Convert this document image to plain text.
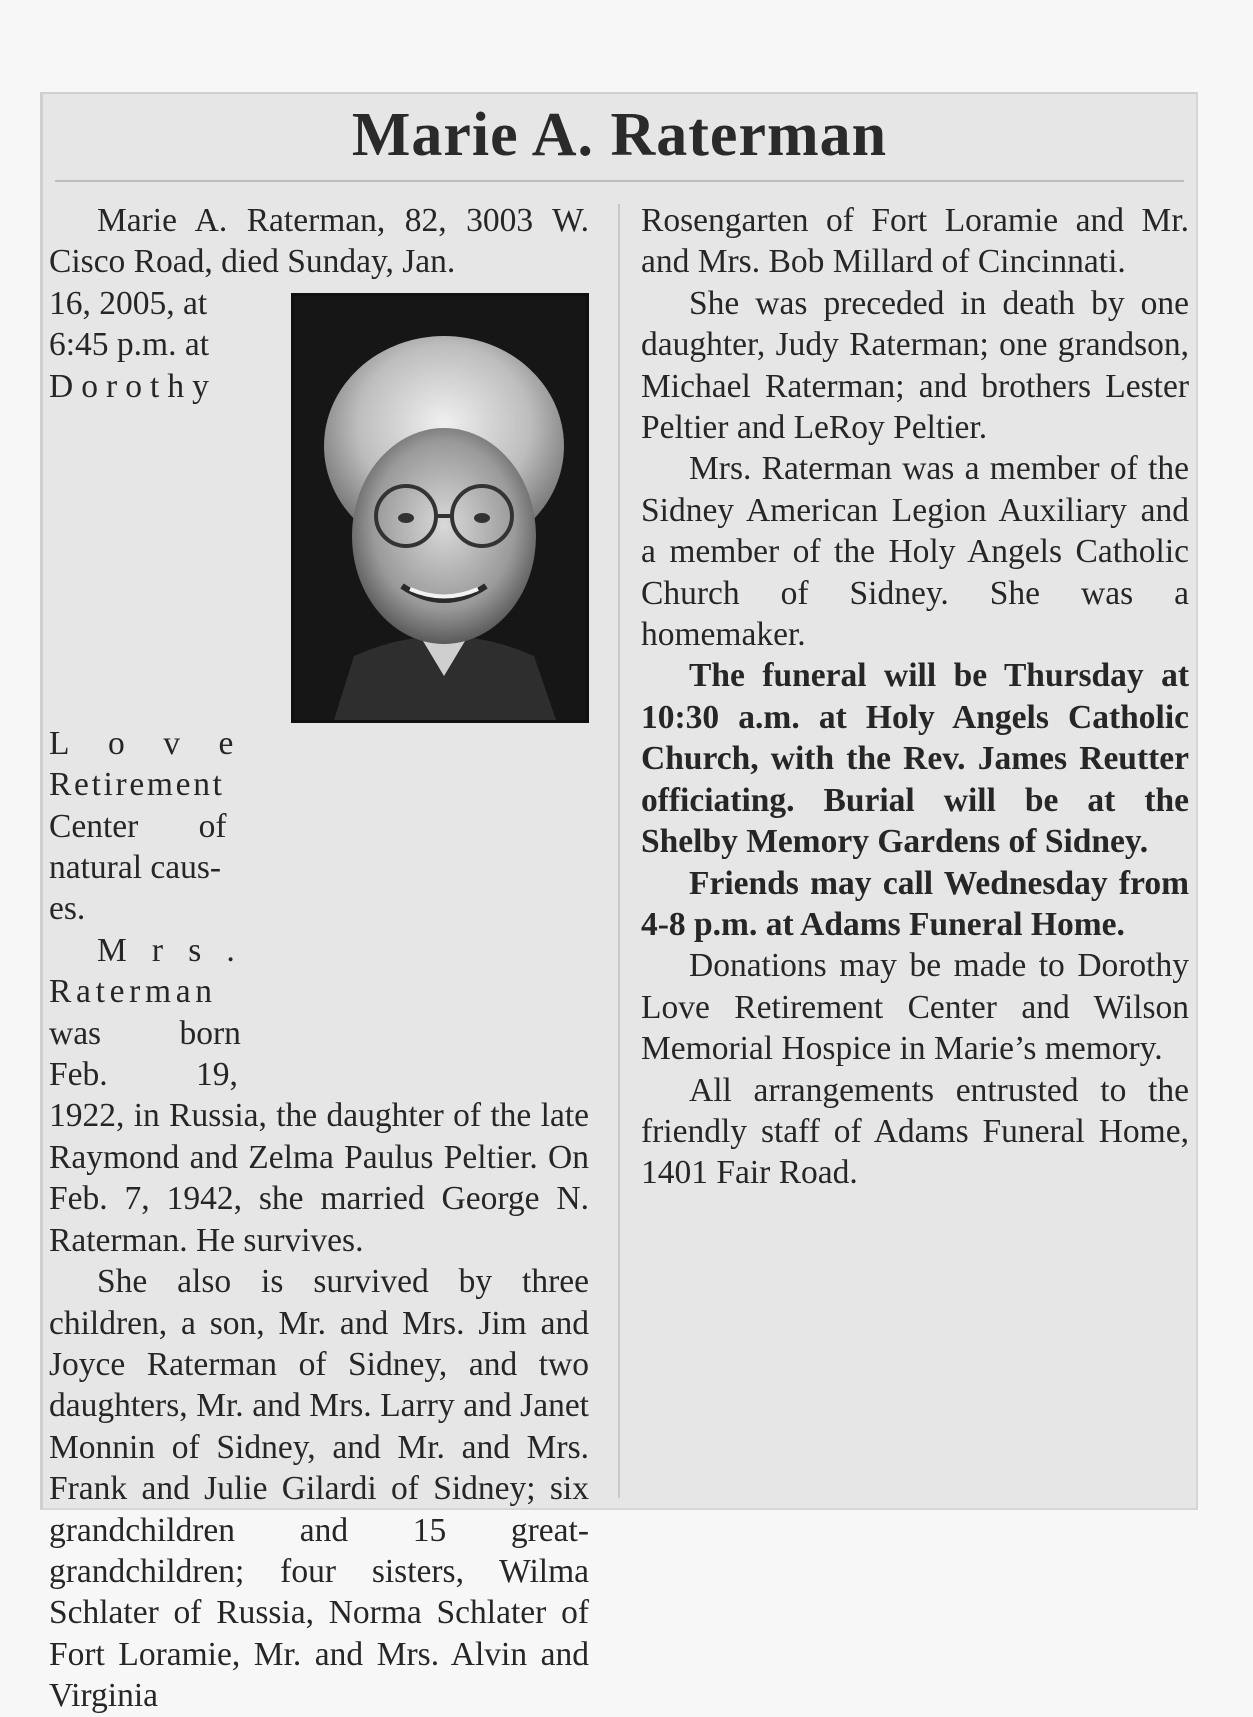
Marie A. Raterman

Marie A. Raterman, 82, 3003 W. Cisco Road, died Sunday, Jan.

16, 2005, at
6:45 p.m. at
Dorothy
Love
Retirement
Center of
natural caus-
es.
Mrs.
Raterman
was born
Feb. 19,
1922, in Russia, the daughter of the late Raymond and Zelma Paulus Peltier. On Feb. 7, 1942, she married George N. Raterman. He survives.

She also is survived by three children, a son, Mr. and Mrs. Jim and Joyce Raterman of Sidney, and two daughters, Mr. and Mrs. Larry and Janet Monnin of Sidney, and Mr. and Mrs. Frank and Julie Gilardi of Sidney; six grandchildren and 15 great-grandchildren; four sisters, Wilma Schlater of Russia, Norma Schlater of Fort Loramie, Mr. and Mrs. Alvin and Virginia

Rosengarten of Fort Loramie and Mr. and Mrs. Bob Millard of Cincinnati.

She was preceded in death by one daughter, Judy Raterman; one grandson, Michael Raterman; and brothers Lester Peltier and LeRoy Peltier.

Mrs. Raterman was a member of the Sidney American Legion Auxiliary and a member of the Holy Angels Catholic Church of Sidney. She was a homemaker.

The funeral will be Thursday at 10:30 a.m. at Holy Angels Catholic Church, with the Rev. James Reutter officiating. Burial will be at the Shelby Memory Gardens of Sidney.

Friends may call Wednesday from 4-8 p.m. at Adams Funeral Home.

Donations may be made to Dorothy Love Retirement Center and Wilson Memorial Hospice in Marie’s memory.

All arrangements entrusted to the friendly staff of Adams Funeral Home, 1401 Fair Road.
